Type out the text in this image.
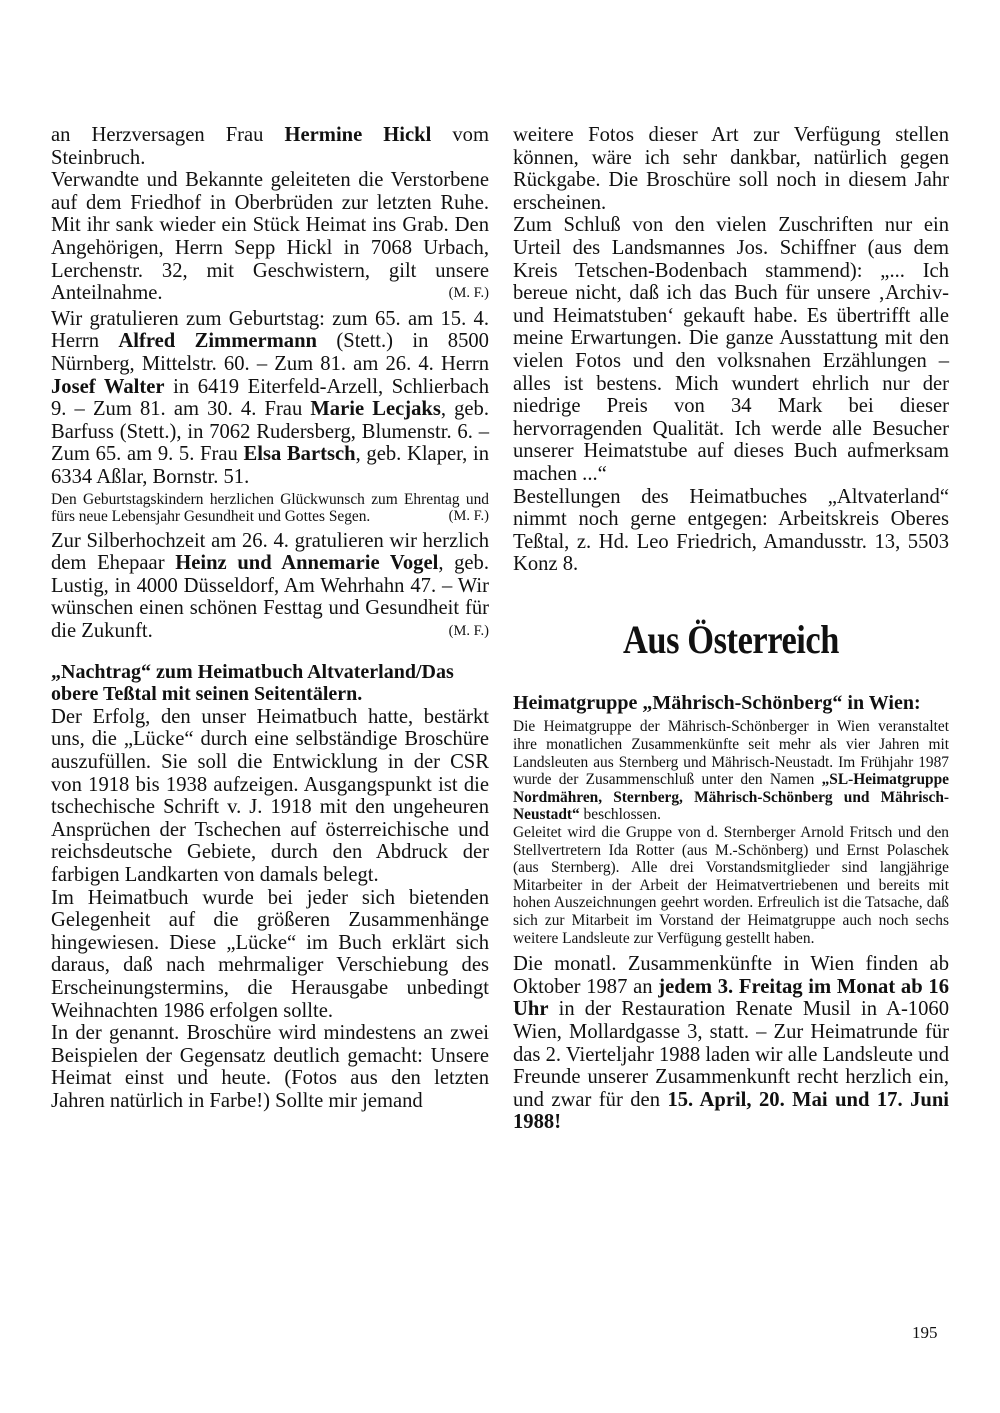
an Herzversagen Frau Hermine Hickl vom Steinbruch.

Verwandte und Bekannte geleiteten die Verstorbene auf dem Friedhof in Oberbrüden zur letzten Ruhe. Mit ihr sank wieder ein Stück Heimat ins Grab. Den Angehörigen, Herrn Sepp Hickl in 7068 Urbach, Lerchenstr. 32, mit Geschwistern, gilt unsere Anteilnahme.	(M. F.)

Wir gratulieren zum Geburtstag: zum 65. am 15. 4. Herrn Alfred Zimmermann (Stett.) in 8500 Nürnberg, Mittelstr. 60. – Zum 81. am 26. 4. Herrn Josef Walter in 6419 Eiterfeld-Arzell, Schlierbach 9. – Zum 81. am 30. 4. Frau Marie Lecjaks, geb. Barfuss (Stett.), in 7062 Rudersberg, Blumenstr. 6. – Zum 65. am 9. 5. Frau Elsa Bartsch, geb. Klaper, in 6334 Aßlar, Bornstr. 51.

Den Geburtstagskindern herzlichen Glückwunsch zum Ehrentag und fürs neue Lebensjahr Gesundheit und Gottes Segen.	(M. F.)

Zur Silberhochzeit am 26. 4. gratulieren wir herzlich dem Ehepaar Heinz und Annemarie Vogel, geb. Lustig, in 4000 Düsseldorf, Am Wehrhahn 47. – Wir wünschen einen schönen Festtag und Gesundheit für die Zukunft.	(M. F.)

„Nachtrag“ zum Heimatbuch Altvaterland/Das obere Teßtal mit seinen Seitentälern.

Der Erfolg, den unser Heimatbuch hatte, bestärkt uns, die „Lücke“ durch eine selbständige Broschüre auszufüllen. Sie soll die Entwicklung in der CSR von 1918 bis 1938 aufzeigen. Ausgangspunkt ist die tschechische Schrift v. J. 1918 mit den ungeheuren Ansprüchen der Tschechen auf österreichische und reichsdeutsche Gebiete, durch den Abdruck der farbigen Landkarten von damals belegt.

Im Heimatbuch wurde bei jeder sich bietenden Gelegenheit auf die größeren Zusammenhänge hingewiesen. Diese „Lücke“ im Buch erklärt sich daraus, daß nach mehrmaliger Verschiebung des Erscheinungstermins, die Herausgabe unbedingt Weihnachten 1986 erfolgen sollte.

In der genannt. Broschüre wird mindestens an zwei Beispielen der Gegensatz deutlich gemacht: Unsere Heimat einst und heute. (Fotos aus den letzten Jahren natürlich in Farbe!) Sollte mir jemand

weitere Fotos dieser Art zur Verfügung stellen können, wäre ich sehr dankbar, natürlich gegen Rückgabe. Die Broschüre soll noch in diesem Jahr erscheinen.

Zum Schluß von den vielen Zuschriften nur ein Urteil des Landsmannes Jos. Schiffner (aus dem Kreis Tetschen-Bodenbach stammend): „... Ich bereue nicht, daß ich das Buch für unsere ‚Archiv- und Heimatstuben‘ gekauft habe. Es übertrifft alle meine Erwartungen. Die ganze Ausstattung mit den vielen Fotos und den volksnahen Erzählungen – alles ist bestens. Mich wundert ehrlich nur der niedrige Preis von 34 Mark bei dieser hervorragenden Qualität. Ich werde alle Besucher unserer Heimatstube auf dieses Buch aufmerksam machen ...“

Bestellungen des Heimatbuches „Altvaterland“ nimmt noch gerne entgegen: Arbeitskreis Oberes Teßtal, z. Hd. Leo Friedrich, Amandusstr. 13, 5503 Konz 8.

Aus Österreich
Heimatgruppe „Mährisch-Schönberg“ in Wien:

Die Heimatgruppe der Mährisch-Schönberger in Wien veranstaltet ihre monatlichen Zusammenkünfte seit mehr als vier Jahren mit Landsleuten aus Sternberg und Mährisch-Neustadt. Im Frühjahr 1987 wurde der Zusammenschluß unter den Namen „SL-Heimatgruppe Nordmähren, Sternberg, Mährisch-Schönberg und Mährisch-Neustadt“ beschlossen.

Geleitet wird die Gruppe von d. Sternberger Arnold Fritsch und den Stellvertretern Ida Rotter (aus M.-Schönberg) und Ernst Polaschek (aus Sternberg). Alle drei Vorstandsmitglieder sind langjährige Mitarbeiter in der Arbeit der Heimatvertriebenen und bereits mit hohen Auszeichnungen geehrt worden. Erfreulich ist die Tatsache, daß sich zur Mitarbeit im Vorstand der Heimatgruppe auch noch sechs weitere Landsleute zur Verfügung gestellt haben.

Die monatl. Zusammenkünfte in Wien finden ab Oktober 1987 an jedem 3. Freitag im Monat ab 16 Uhr in der Restauration Renate Musil in A-1060 Wien, Mollardgasse 3, statt. – Zur Heimatrunde für das 2. Vierteljahr 1988 laden wir alle Landsleute und Freunde unserer Zusammenkunft recht herzlich ein, und zwar für den 15. April, 20. Mai und 17. Juni 1988!

195
